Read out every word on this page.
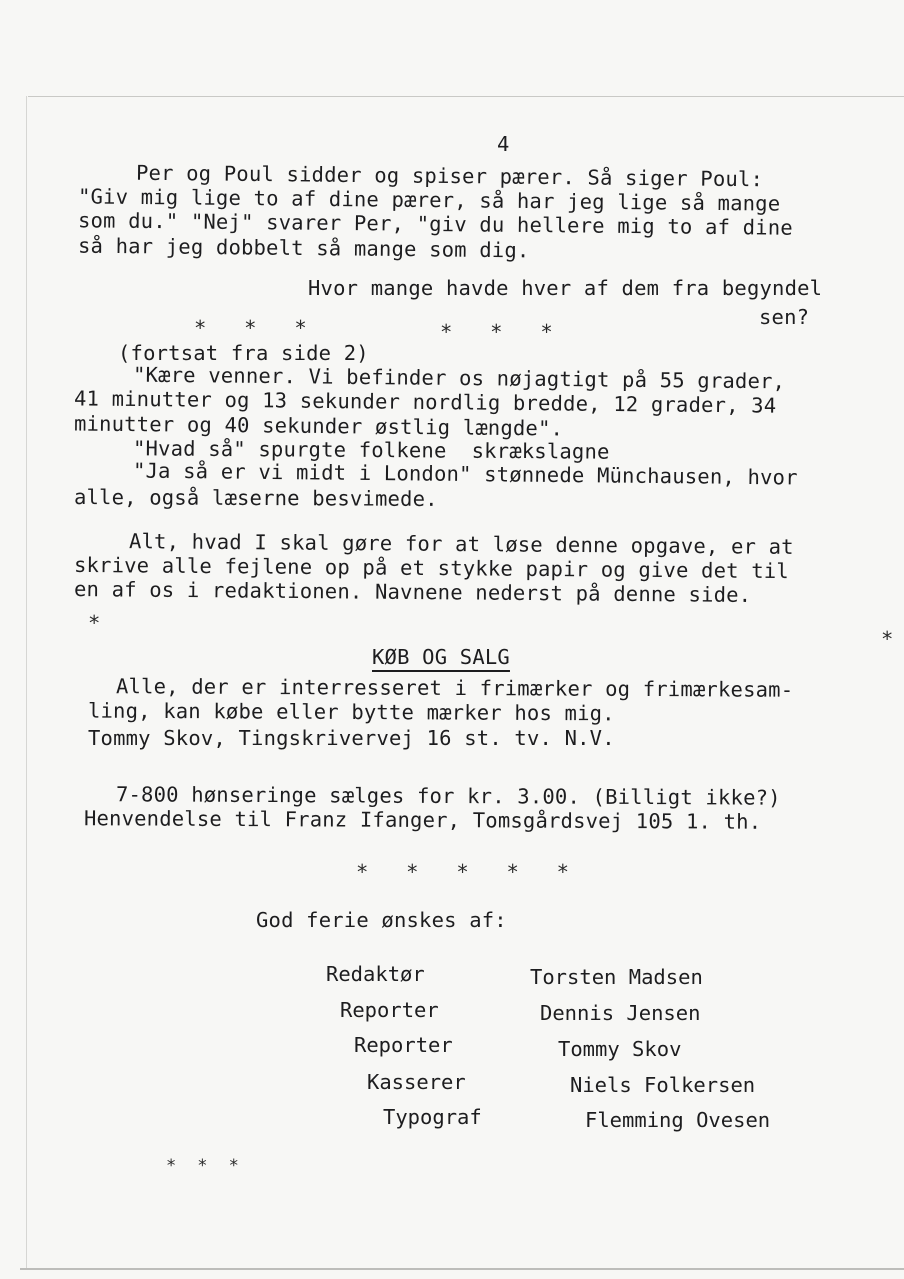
4
Per og Poul sidder og spiser pærer. Så siger Poul:
"Giv mig lige to af dine pærer, så har jeg lige så mange
som du." "Nej" svarer Per, "giv du hellere mig to af dine
så har jeg dobbelt så mange som dig.
Hvor mange havde hver af dem fra begyndel
sen?
*   *   *	*   *   *
(fortsat fra side 2)
"Kære venner. Vi befinder os nøjagtigt på 55 grader,
41 minutter og 13 sekunder nordlig bredde, 12 grader, 34
minutter og 40 sekunder østlig længde".
"Hvad så" spurgte folkene  skrækslagne
"Ja så er vi midt i London" stønnede Münchausen, hvor
alle, også læserne besvimede.
Alt, hvad I skal gøre for at løse denne opgave, er at
skrive alle fejlene op på et stykke papir og give det til
en af os i redaktionen. Navnene nederst på denne side.
*
*
KØB OG SALG
Alle, der er interresseret i frimærker og frimærkesam-
ling, kan købe eller bytte mærker hos mig.
Tommy Skov, Tingskrivervej 16 st. tv. N.V.
7-800 hønseringe sælges for kr. 3.00. (Billigt ikke?)
Henvendelse til Franz Ifanger, Tomsgårdsvej 105 1. th.
*   *   *   *   *
God ferie ønskes af:
Redaktør	Torsten Madsen
Reporter	Dennis Jensen
Reporter	Tommy Skov
Kasserer	Niels Folkersen
Typograf	Flemming Ovesen
*  *  *
